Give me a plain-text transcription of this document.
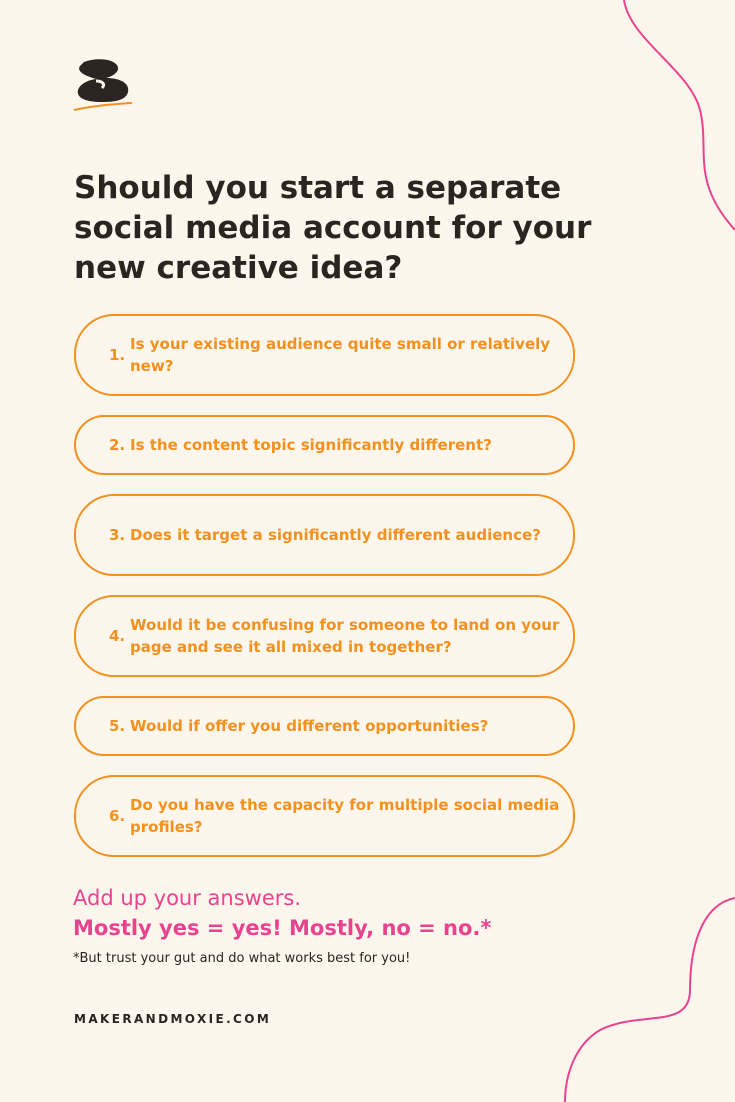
Should you start a separate social media account for your new creative idea?
1.
Is your existing audience quite small or relatively new?
2. Is the content topic significantly different?
3. Does it target a significantly different audience?
4.
Would it be confusing for someone to land on your page and see it all mixed in together?
5. Would if offer you different opportunities?
6.
Do you have the capacity for multiple social media profiles?

Add up your answers.

Mostly yes = yes! Mostly, no = no.*

*But trust your gut and do what works best for you!

MAKERANDMOXIE.COM
